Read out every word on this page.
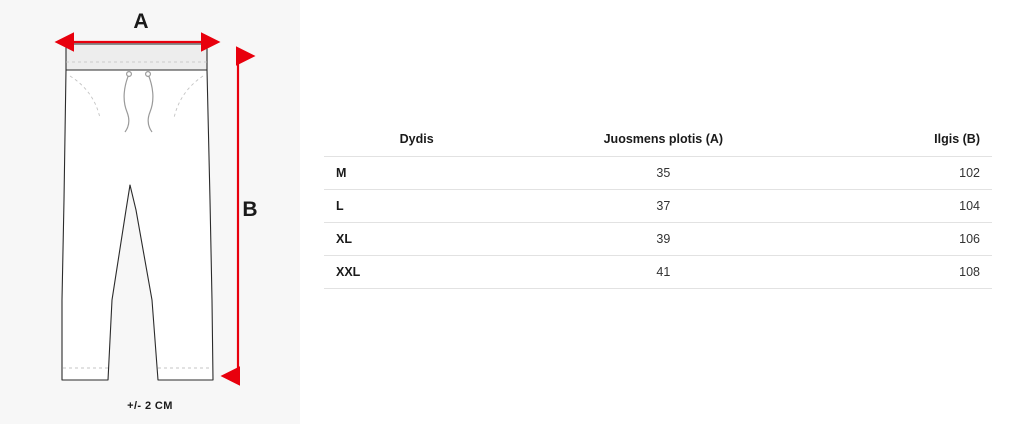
A
B
+/- 2 CM
Dydis	Juosmens plotis (A)	Ilgis (B)
M	35	102
L	37	104
XL	39	106
XXL	41	108
